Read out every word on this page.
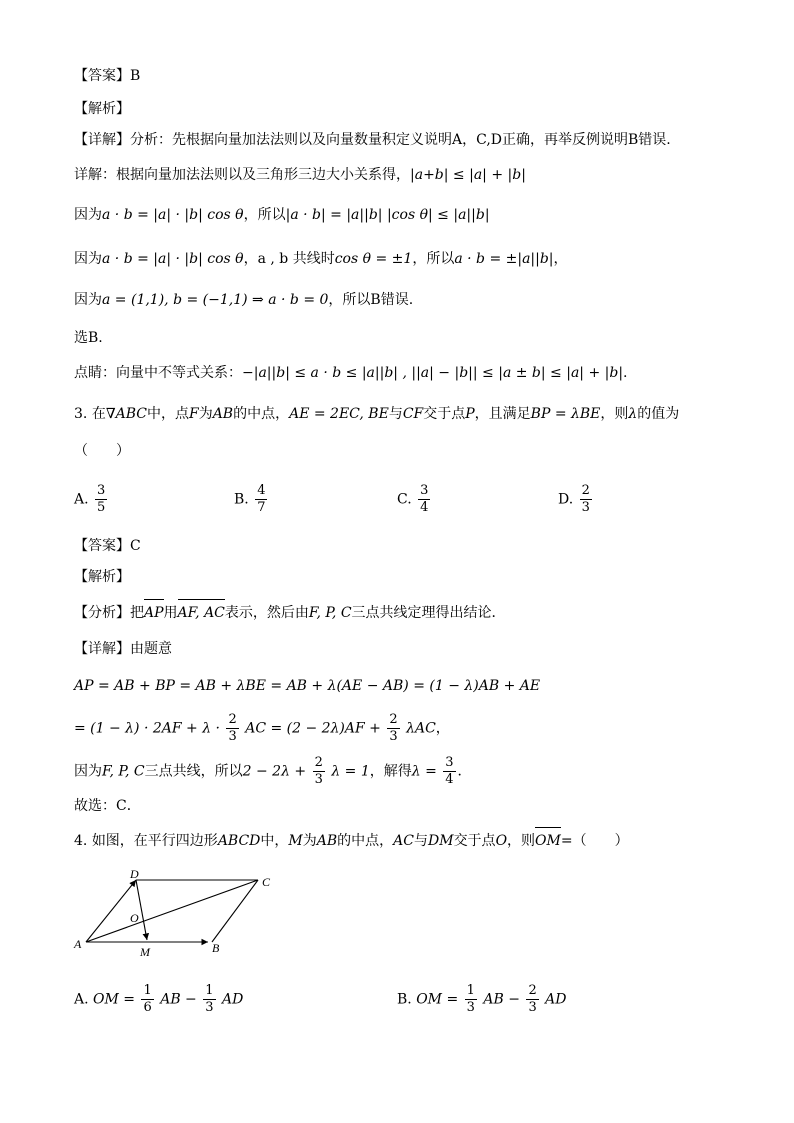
【答案】B
【解析】
【详解】分析：先根据向量加法法则以及向量数量积定义说明A，C,D正确，再举反例说明B错误.
详解：根据向量加法法则以及三角形三边大小关系得，|a+b| ≤ |a| + |b|
因为a · b = |a| · |b| cos θ，所以|a · b| = |a||b| |cos θ| ≤ |a||b|
因为a · b = |a| · |b| cos θ，a , b 共线时cos θ = ±1，所以a · b = ±|a||b|，
因为a = (1,1), b = (−1,1) ⇒ a · b = 0，所以B错误.
选B.
点睛：向量中不等式关系：−|a||b| ≤ a · b ≤ |a||b| , ||a| − |b|| ≤ |a ± b| ≤ |a| + |b|.
3. 在∇ABC中，点F为AB的中点，AE = 2EC, BE与CF交于点P，且满足BP = λBE，则λ的值为
（　　）
A. $\frac{3}{5}$	B. $\frac{4}{7}$	C. $\frac{3}{4}$	D. $\frac{2}{3}$
【答案】C
【解析】
【分析】把AP用AF, AC表示，然后由F, P, C三点共线定理得出结论．
【详解】由题意
AP = AB + BP = AB + λBE = AB + λ(AE − AB) = (1 − λ)AB + AE
= $(1 - \lambda) \cdot 2AF + \lambda \cdot \frac{2}{3}$ AC = $(2 - 2\lambda)AF + \frac{2}{3}$ λAC，
因为F, P, C三点共线，所以$2 - 2\lambda + \frac{2}{3}$ λ = 1，解得$\lambda = \frac{3}{4}$ ．
故选：C．
4. 如图，在平行四边形ABCD中，M为AB的中点，AC与DM交于点O，则OM=（　　）
A	B
C
D
M
O
A. OM = $\frac{1}{6}$ AB − $\frac{1}{3}$ AD	B. OM = $\frac{1}{3}$ AB − $\frac{2}{3}$ AD
